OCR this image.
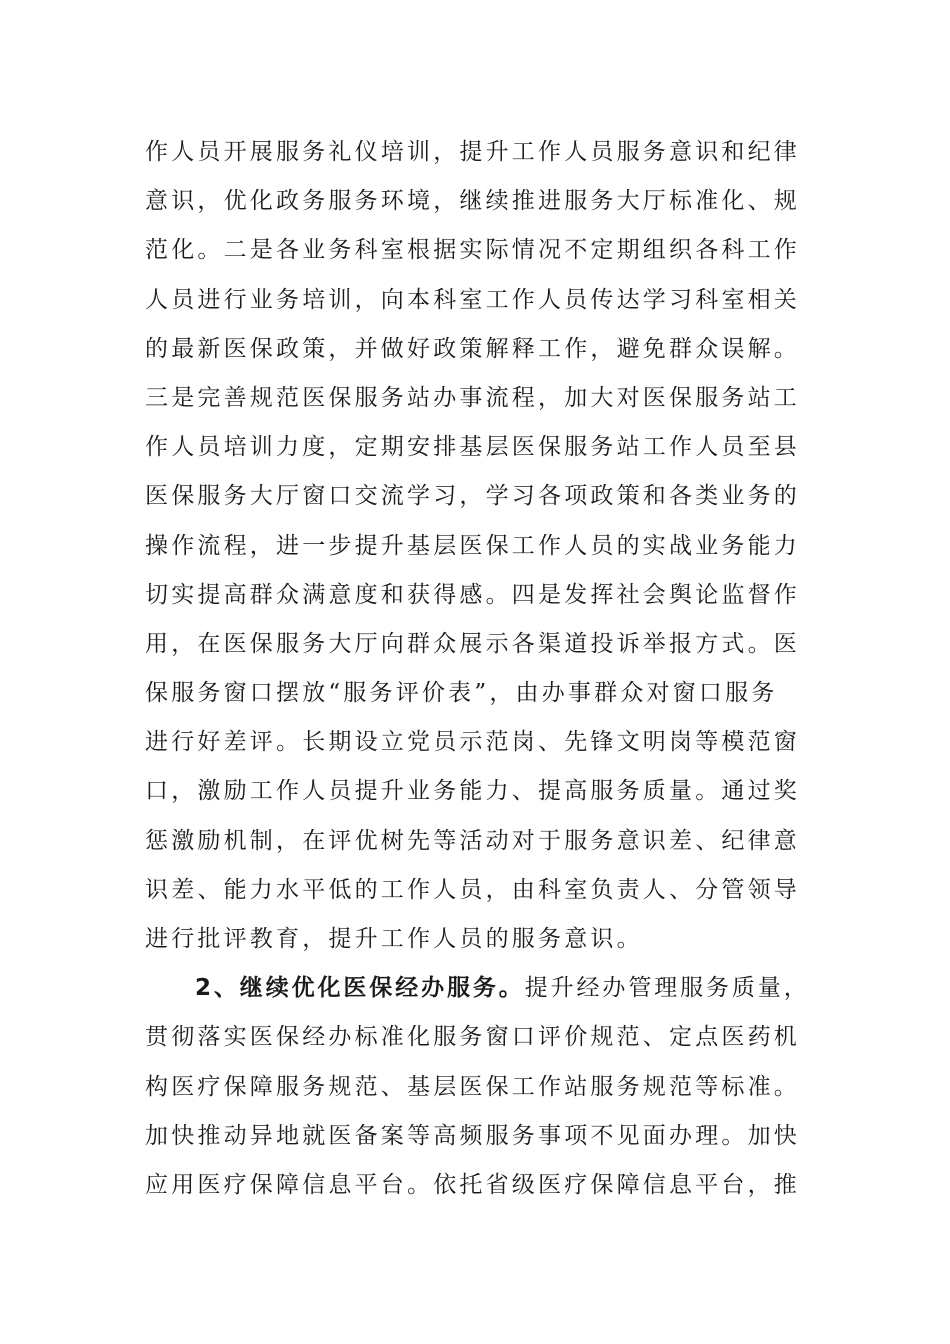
作人员开展服务礼仪培训，提升工作人员服务意识和纪律
意识，优化政务服务环境，继续推进服务大厅标准化、规
范化。二是各业务科室根据实际情况不定期组织各科工作
人员进行业务培训，向本科室工作人员传达学习科室相关
的最新医保政策，并做好政策解释工作，避免群众误解。
三是完善规范医保服务站办事流程，加大对医保服务站工
作人员培训力度，定期安排基层医保服务站工作人员至县
医保服务大厅窗口交流学习，学习各项政策和各类业务的
操作流程，进一步提升基层医保工作人员的实战业务能力
切实提高群众满意度和获得感。四是发挥社会舆论监督作
用，在医保服务大厅向群众展示各渠道投诉举报方式。医
保服务窗口摆放“服务评价表”，由办事群众对窗口服务
进行好差评。长期设立党员示范岗、先锋文明岗等模范窗
口，激励工作人员提升业务能力、提高服务质量。通过奖
惩激励机制，在评优树先等活动对于服务意识差、纪律意
识差、能力水平低的工作人员，由科室负责人、分管领导
进行批评教育，提升工作人员的服务意识。
2、继续优化医保经办服务。提升经办管理服务质量，
贯彻落实医保经办标准化服务窗口评价规范、定点医药机
构医疗保障服务规范、基层医保工作站服务规范等标准。
加快推动异地就医备案等高频服务事项不见面办理。加快
应用医疗保障信息平台。依托省级医疗保障信息平台，推
